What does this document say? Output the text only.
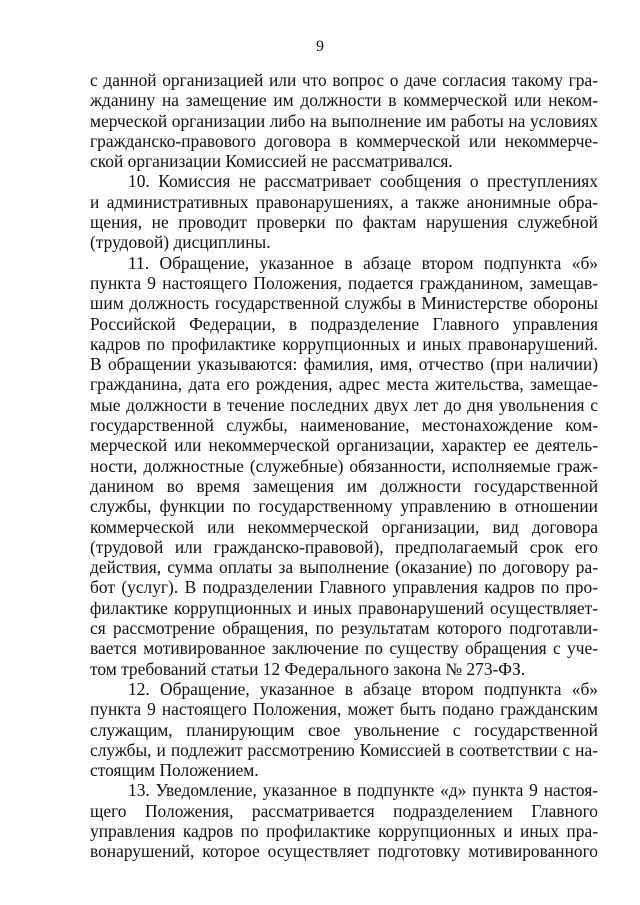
9
с данной организацией или что вопрос о даче согласия такому гра-
жданину на замещение им должности в коммерческой или неком-
мерческой организации либо на выполнение им работы на условиях
гражданско-правового договора в коммерческой или некоммерче-
ской организации Комиссией не рассматривался.
10. Комиссия не рассматривает сообщения о преступлениях
и административных правонарушениях, а также анонимные обра-
щения, не проводит проверки по фактам нарушения служебной
(трудовой) дисциплины.
11. Обращение, указанное в абзаце втором подпункта «б»
пункта 9 настоящего Положения, подается гражданином, замещав-
шим должность государственной службы в Министерстве обороны
Российской Федерации, в подразделение Главного управления
кадров по профилактике коррупционных и иных правонарушений.
В обращении указываются: фамилия, имя, отчество (при наличии)
гражданина, дата его рождения, адрес места жительства, замещае-
мые должности в течение последних двух лет до дня увольнения с
государственной службы, наименование, местонахождение ком-
мерческой или некоммерческой организации, характер ее деятель-
ности, должностные (служебные) обязанности, исполняемые граж-
данином во время замещения им должности государственной
службы, функции по государственному управлению в отношении
коммерческой или некоммерческой организации, вид договора
(трудовой или гражданско-правовой), предполагаемый срок его
действия, сумма оплаты за выполнение (оказание) по договору ра-
бот (услуг). В подразделении Главного управления кадров по про-
филактике коррупционных и иных правонарушений осуществляет-
ся рассмотрение обращения, по результатам которого подготавли-
вается мотивированное заключение по существу обращения с уче-
том требований статьи 12 Федерального закона № 273-ФЗ.
12. Обращение, указанное в абзаце втором подпункта «б»
пункта 9 настоящего Положения, может быть подано гражданским
служащим, планирующим свое увольнение с государственной
службы, и подлежит рассмотрению Комиссией в соответствии с на-
стоящим Положением.
13. Уведомление, указанное в подпункте «д» пункта 9 настоя-
щего Положения, рассматривается подразделением Главного
управления кадров по профилактике коррупционных и иных пра-
вонарушений, которое осуществляет подготовку мотивированного
